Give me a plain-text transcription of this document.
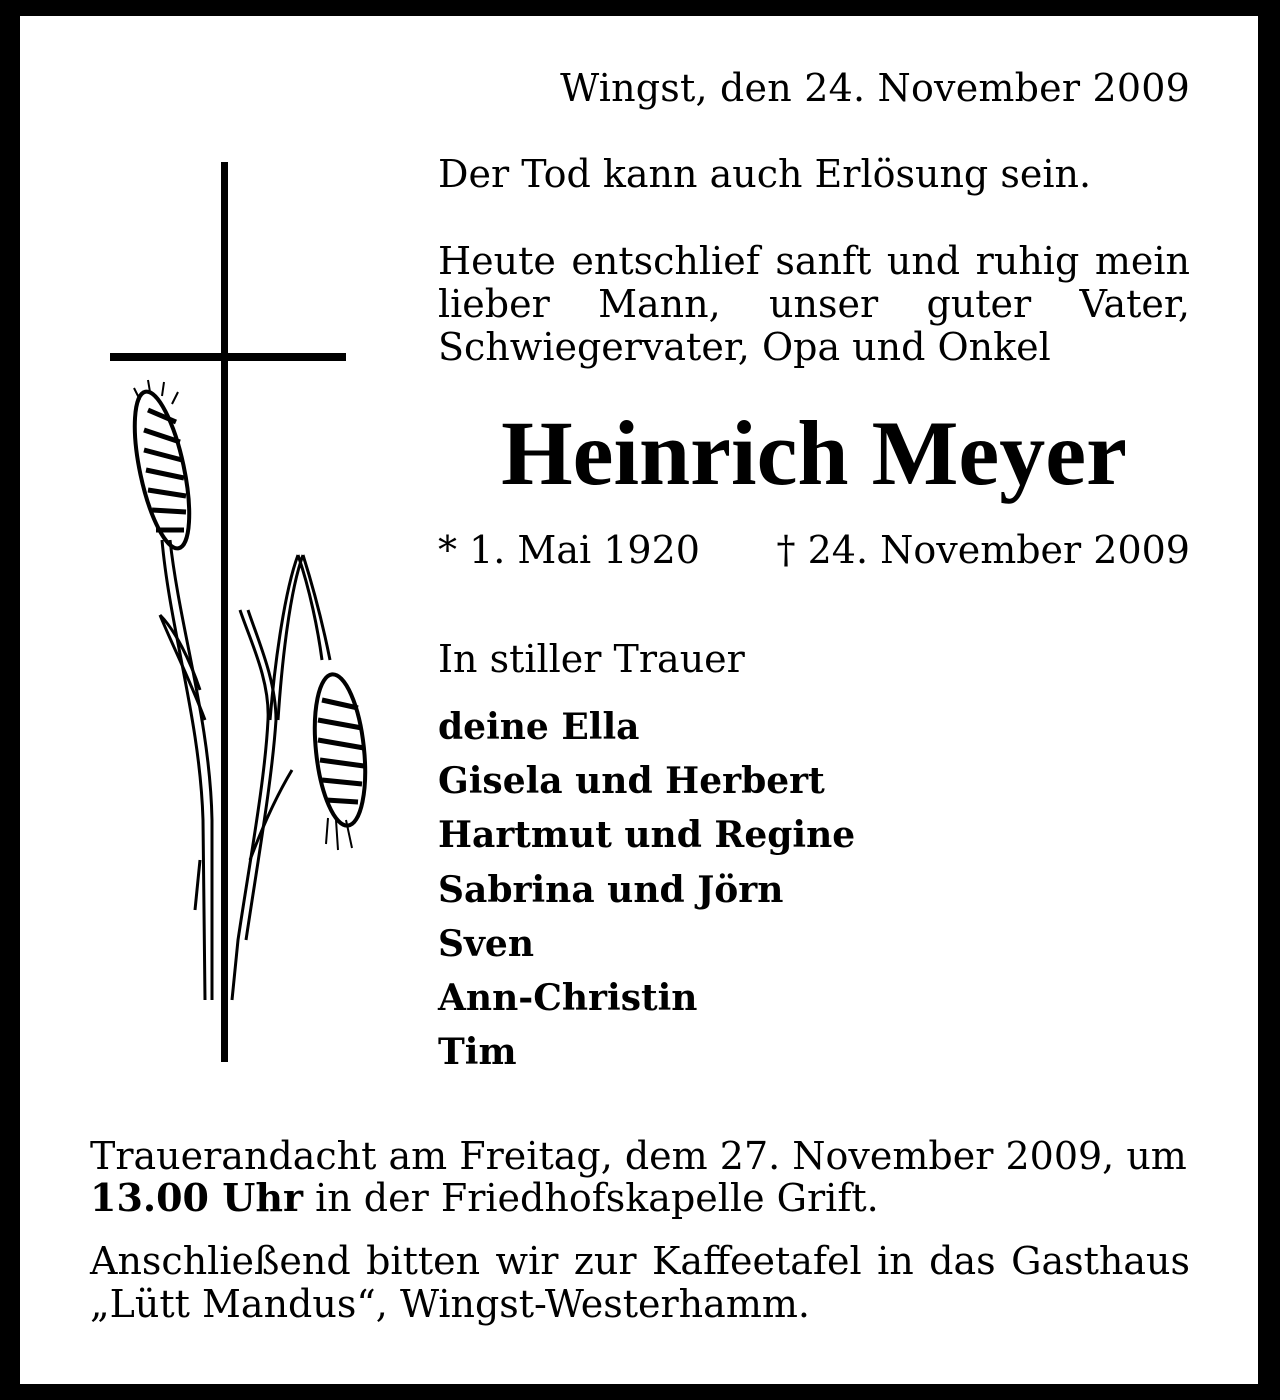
Wingst, den 24. November 2009
Der Tod kann auch Erlösung sein.
Heute entschlief sanft und ruhig mein lieber Mann, unser guter Vater, Schwiegervater, Opa und Onkel
Heinrich Meyer
* 1. Mai 1920 † 24. November 2009
In stiller Trauer
deine Ella
Gisela und Herbert
Hartmut und Regine
Sabrina und Jörn
Sven
Ann-Christin
Tim
Trauerandacht am Freitag, dem 27. November 2009, um
13.00 Uhr in der Friedhofskapelle Grift.
Anschließend bitten wir zur Kaffeetafel in das Gasthaus „Lütt Mandus“, Wingst-Westerhamm.
